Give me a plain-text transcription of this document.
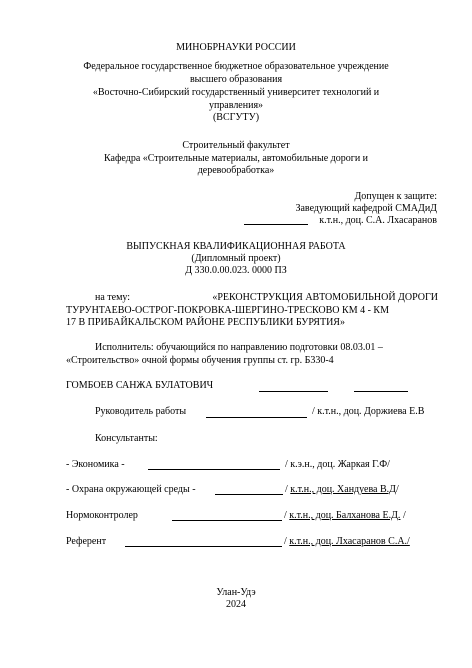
МИНОБРНАУКИ РОССИИ
Федеральное государственное бюджетное образовательное учреждение
высшего образования
«Восточно-Сибирский государственный университет технологий и
управления»
(ВСГУТУ)
Строительный факультет
Кафедра «Строительные материалы, автомобильные дороги и
деревообработка»
Допущен к защите:
Заведующий кафедрой СМАДиД
к.т.н., доц. С.А. Лхасаранов
ВЫПУСКНАЯ КВАЛИФИКАЦИОННАЯ РАБОТА
(Дипломный проект)
Д 330.0.00.023. 0000 ПЗ
на тему:	«РЕКОНСТРУКЦИЯ АВТОМОБИЛЬНОЙ ДОРОГИ
ТУРУНТАЕВО-ОСТРОГ-ПОКРОВКА-ШЕРГИНО-ТРЕСКОВО КМ 4 - КМ
17 В ПРИБАЙКАЛЬСКОМ РАЙОНЕ РЕСПУБЛИКИ БУРЯТИЯ»
Исполнитель: обучающийся по направлению подготовки 08.03.01 –
«Строительство» очной формы обучения группы ст. гр. Б330-4
ГОМБОЕВ САНЖА БУЛАТОВИЧ
Руководитель работы	/ к.т.н., доц. Доржиева Е.В
Консультанты:
- Экономика -	/ к.э.н., доц. Жаркая Г.Ф/
- Охрана окружающей среды -	/ к.т.н., доц. Хандуева В.Д/
Нормоконтролер	/ к.т.н., доц. Балханова Е.Д. /
Референт	/ к.т.н., доц. Лхасаранов С.А./
Улан-Удэ
2024
